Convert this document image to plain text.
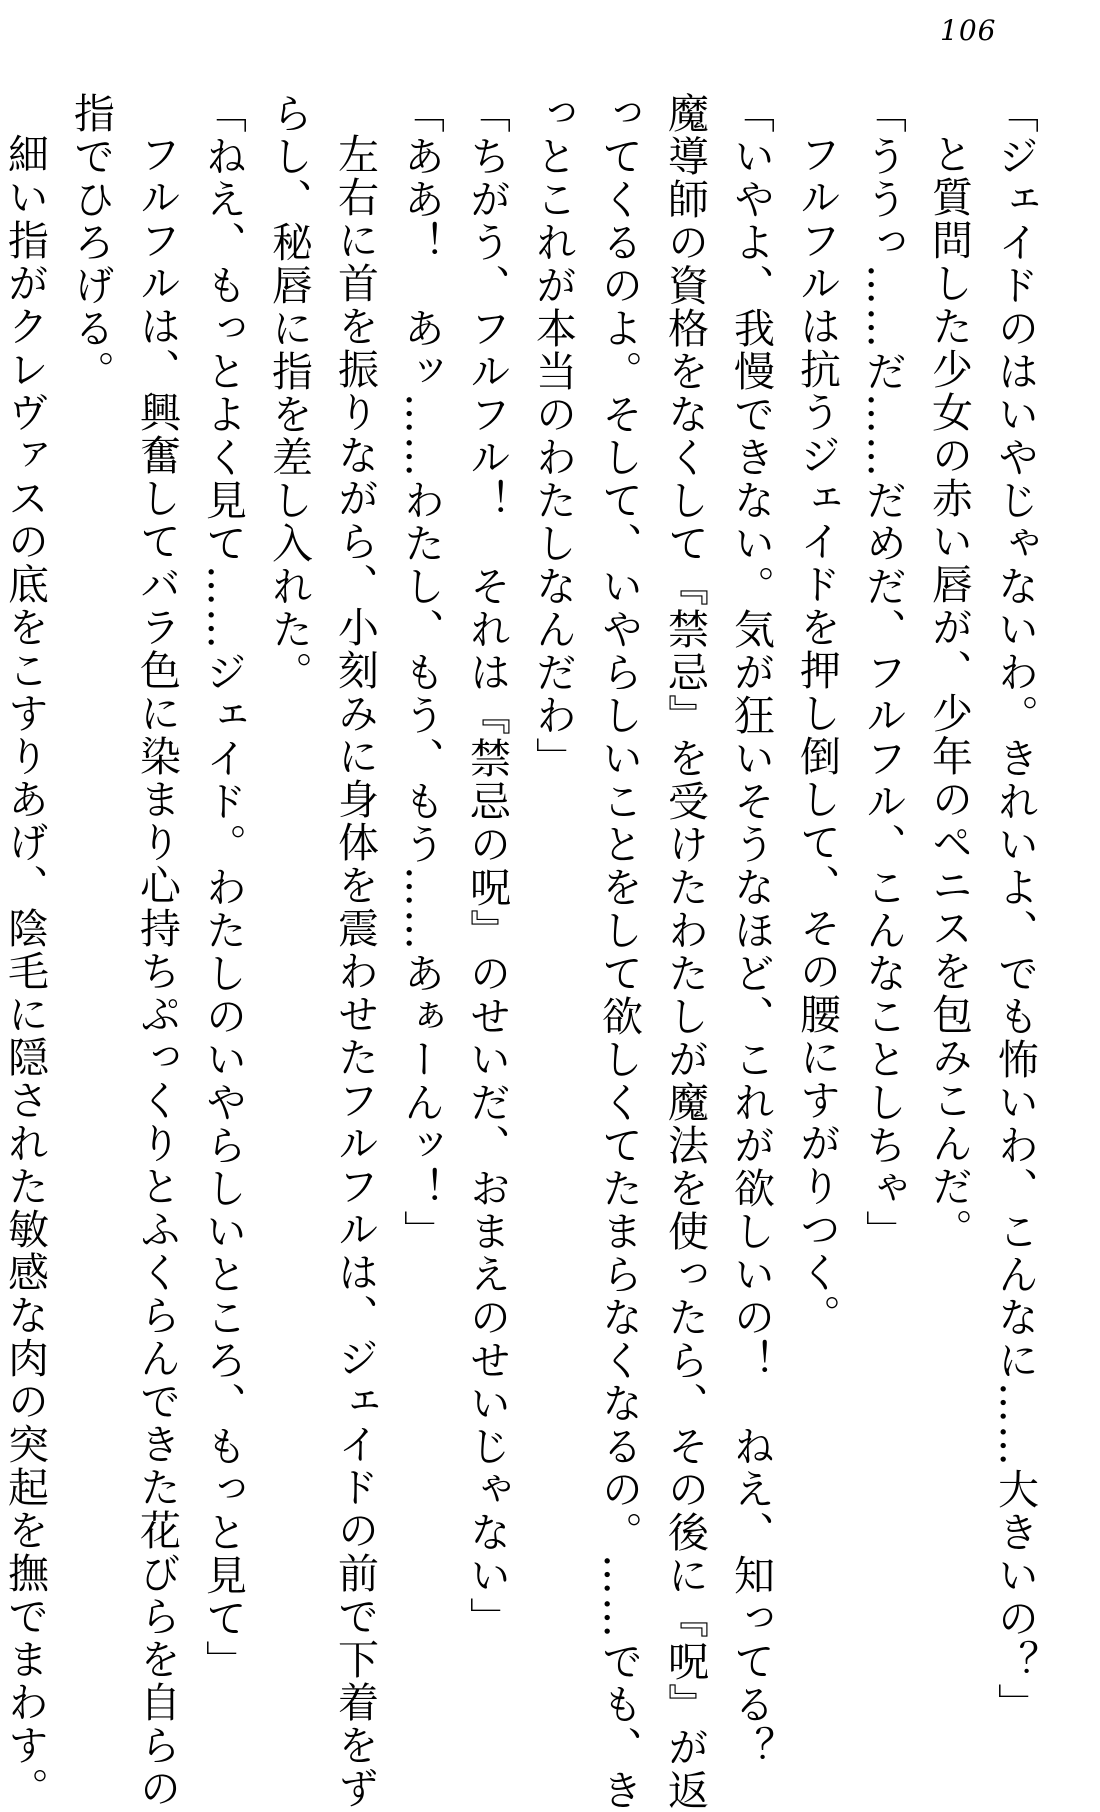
106
「ジェイドのはいやじゃないわ。きれいよ、でも怖いわ、こんなに……大きいの？」
と質問した少女の赤い唇が、少年のペニスを包みこんだ。
「ううっ……だ……だめだ、フルフル、こんなことしちゃ」
フルフルは抗うジェイドを押し倒して、その腰にすがりつく。
「いやよ、我慢できない。気が狂いそうなほど、これが欲しいの！　ねえ、知ってる？
魔導師の資格をなくして『禁忌』を受けたわたしが魔法を使ったら、その後に『呪』が返
ってくるのよ。そして、いやらしいことをして欲しくてたまらなくなるの。……でも、き
っとこれが本当のわたしなんだわ」
「ちがう、フルフル！　それは『禁忌の呪』のせいだ、おまえのせいじゃない」
「ああ！　あッ……わたし、もう、もう……あぁーんッ！」
左右に首を振りながら、小刻みに身体を震わせたフルフルは、ジェイドの前で下着をず
らし、秘唇に指を差し入れた。
「ねえ、もっとよく見て……ジェイド。わたしのいやらしいところ、もっと見て」
フルフルは、興奮してバラ色に染まり心持ちぷっくりとふくらんできた花びらを自らの
指でひろげる。
細い指がクレヴァスの底をこすりあげ、陰毛に隠された敏感な肉の突起を撫でまわす。
